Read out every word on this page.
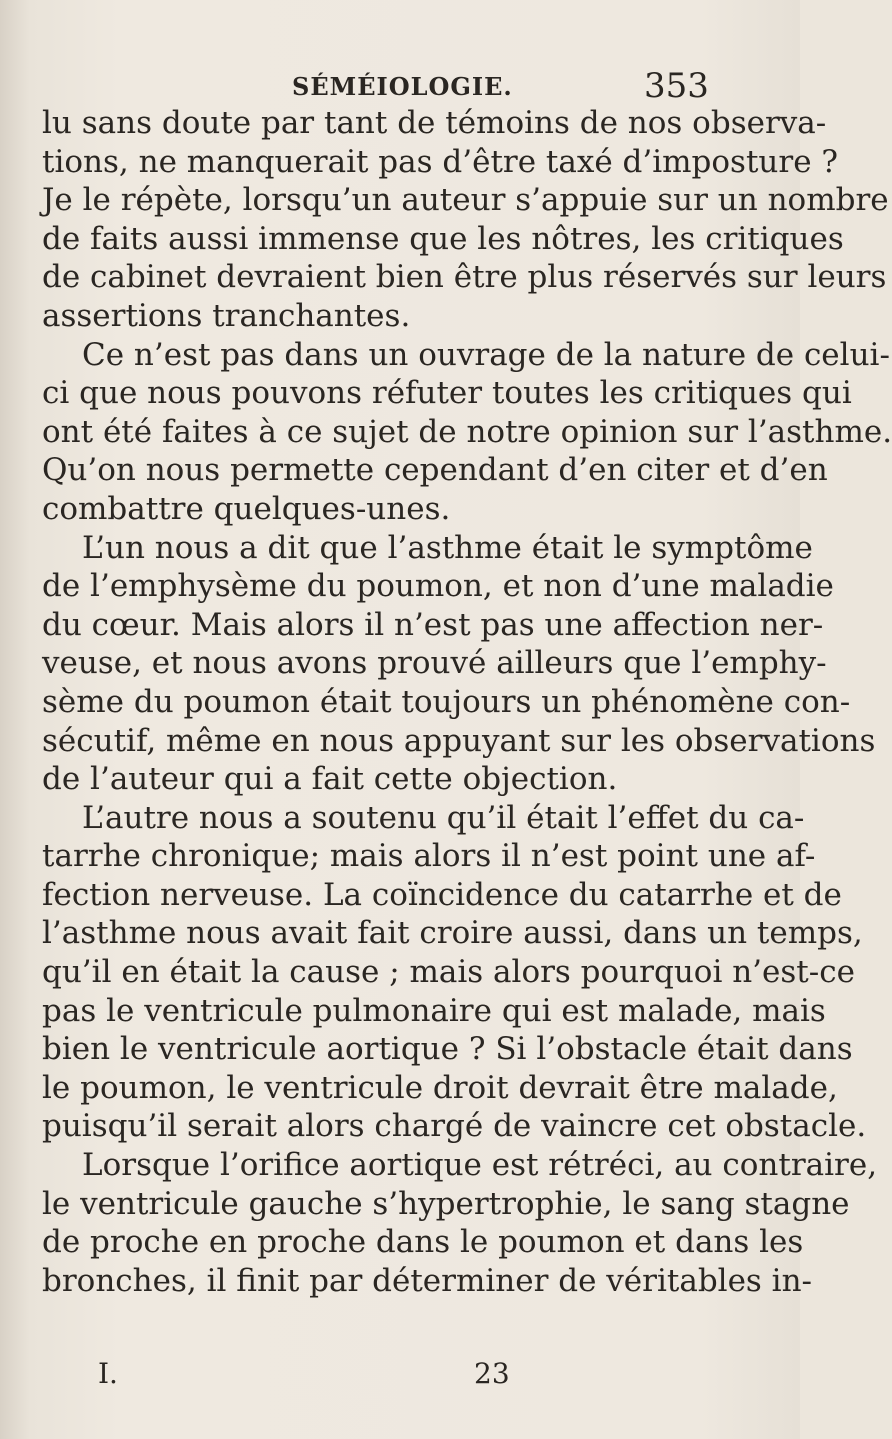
SÉMÉIOLOGIE.	353
lu sans doute par tant de témoins de nos observa-
tions, ne manquerait pas d’être taxé d’imposture ?
Je le répète, lorsqu’un auteur s’appuie sur un nombre
de faits aussi immense que les nôtres, les critiques
de cabinet devraient bien être plus réservés sur leurs
assertions tranchantes.
Ce n’est pas dans un ouvrage de la nature de celui-
ci que nous pouvons réfuter toutes les critiques qui
ont été faites à ce sujet de notre opinion sur l’asthme.
Qu’on nous permette cependant d’en citer et d’en
combattre quelques-unes.
L’un nous a dit que l’asthme était le symptôme
de l’emphysème du poumon, et non d’une maladie
du cœur. Mais alors il n’est pas une affection ner-
veuse, et nous avons prouvé ailleurs que l’emphy-
sème du poumon était toujours un phénomène con-
sécutif, même en nous appuyant sur les observations
de l’auteur qui a fait cette objection.
L’autre nous a soutenu qu’il était l’effet du ca-
tarrhe chronique; mais alors il n’est point une af-
fection nerveuse. La coïncidence du catarrhe et de
l’asthme nous avait fait croire aussi, dans un temps,
qu’il en était la cause ; mais alors pourquoi n’est-ce
pas le ventricule pulmonaire qui est malade, mais
bien le ventricule aortique ? Si l’obstacle était dans
le poumon, le ventricule droit devrait être malade,
puisqu’il serait alors chargé de vaincre cet obstacle.
Lorsque l’orifice aortique est rétréci, au contraire,
le ventricule gauche s’hypertrophie, le sang stagne
de proche en proche dans le poumon et dans les
bronches, il finit par déterminer de véritables in-
I.	23
